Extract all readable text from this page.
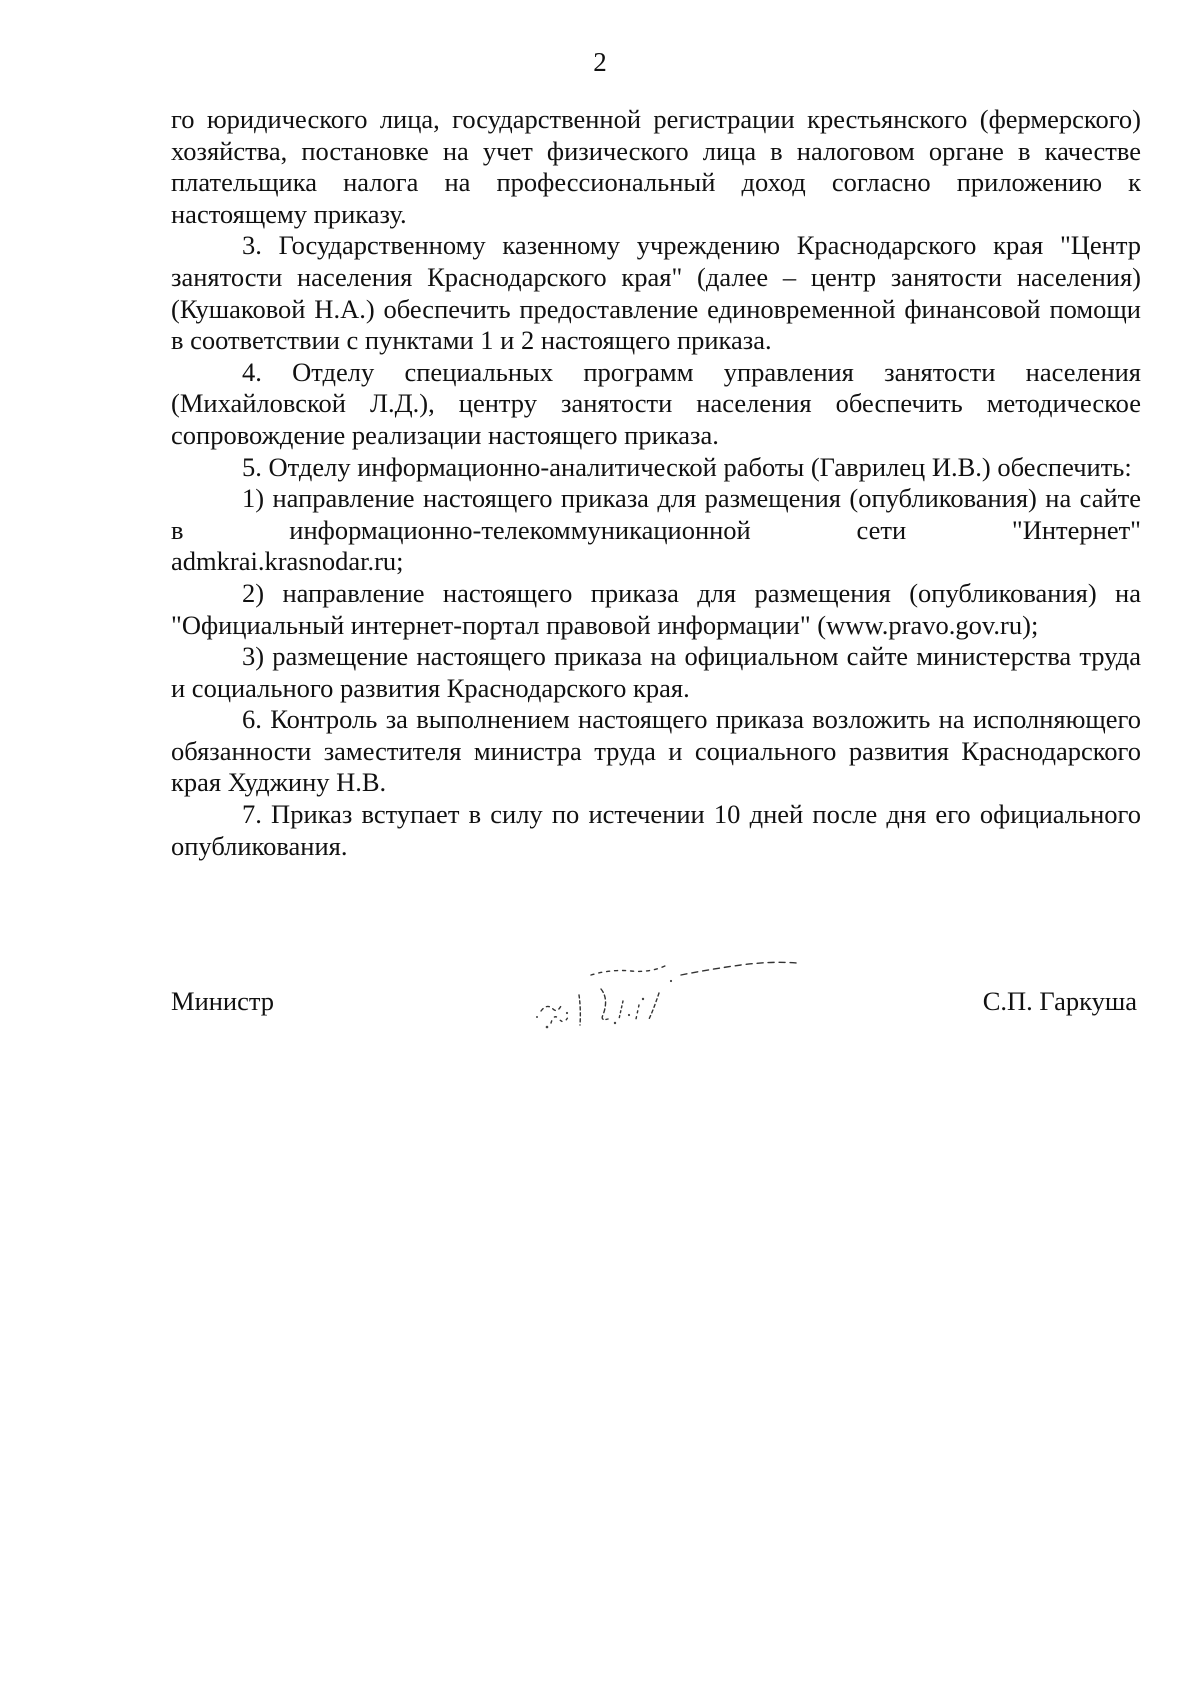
2

го юридического лица, государственной регистрации крестьянского (фермерского) хозяйства, постановке на учет физического лица в налоговом органе в качестве плательщика налога на профессиональный доход согласно приложению к настоящему приказу.

3. Государственному казенному учреждению Краснодарского края "Центр занятости населения Краснодарского края" (далее – центр занятости населения) (Кушаковой Н.А.) обеспечить предоставление единовременной финансовой помощи в соответствии с пунктами 1 и 2 настоящего приказа.

4. Отделу специальных программ управления занятости населения (Михайловской Л.Д.), центру занятости населения обеспечить методическое сопровождение реализации настоящего приказа.

5. Отделу информационно-аналитической работы (Гаврилец И.В.) обеспечить:

1) направление настоящего приказа для размещения (опубликования) на сайте в информационно-телекоммуникационной сети "Интернет"

admkrai.krasnodar.ru;

2) направление настоящего приказа для размещения (опубликования) на "Официальный интернет-портал правовой информации" (www.pravo.gov.ru);

3) размещение настоящего приказа на официальном сайте министерства труда и социального развития Краснодарского края.

6. Контроль за выполнением настоящего приказа возложить на исполняющего обязанности заместителя министра труда и социального развития Краснодарского края Худжину Н.В.

7. Приказ вступает в силу по истечении 10 дней после дня его официального опубликования.

Министр	С.П. Гаркуша
